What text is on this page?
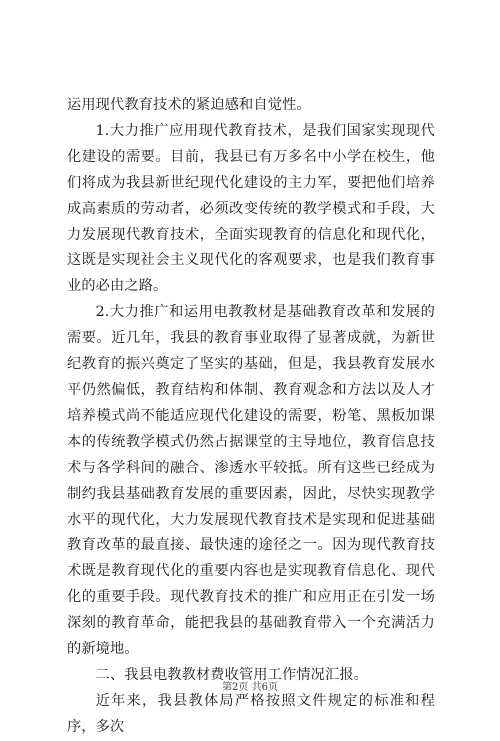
运用现代教育技术的紧迫感和自觉性。

1.大力推广应用现代教育技术，是我们国家实现现代化建设的需要。目前，我县已有万多名中小学在校生，他们将成为我县新世纪现代化建设的主力军，要把他们培养成高素质的劳动者，必须改变传统的教学模式和手段，大力发展现代教育技术，全面实现教育的信息化和现代化，这既是实现社会主义现代化的客观要求，也是我们教育事业的必由之路。

2.大力推广和运用电教教材是基础教育改革和发展的需要。近几年，我县的教育事业取得了显著成就，为新世纪教育的振兴奠定了坚实的基础，但是，我县教育发展水平仍然偏低，教育结构和体制、教育观念和方法以及人才培养模式尚不能适应现代化建设的需要，粉笔、黑板加课本的传统教学模式仍然占据课堂的主导地位，教育信息技术与各学科间的融合、渗透水平较抵。所有这些已经成为制约我县基础教育发展的重要因素，因此，尽快实现教学水平的现代化，大力发展现代教育技术是实现和促进基础教育改革的最直接、最快速的途径之一。因为现代教育技术既是教育现代化的重要内容也是实现教育信息化、现代化的重要手段。现代教育技术的推广和应用正在引发一场深刻的教育革命，能把我县的基础教育带入一个充满活力的新境地。

二、我县电教教材费收管用工作情况汇报。

近年来，我县教体局严格按照文件规定的标准和程序，多次

第2页 共6页
